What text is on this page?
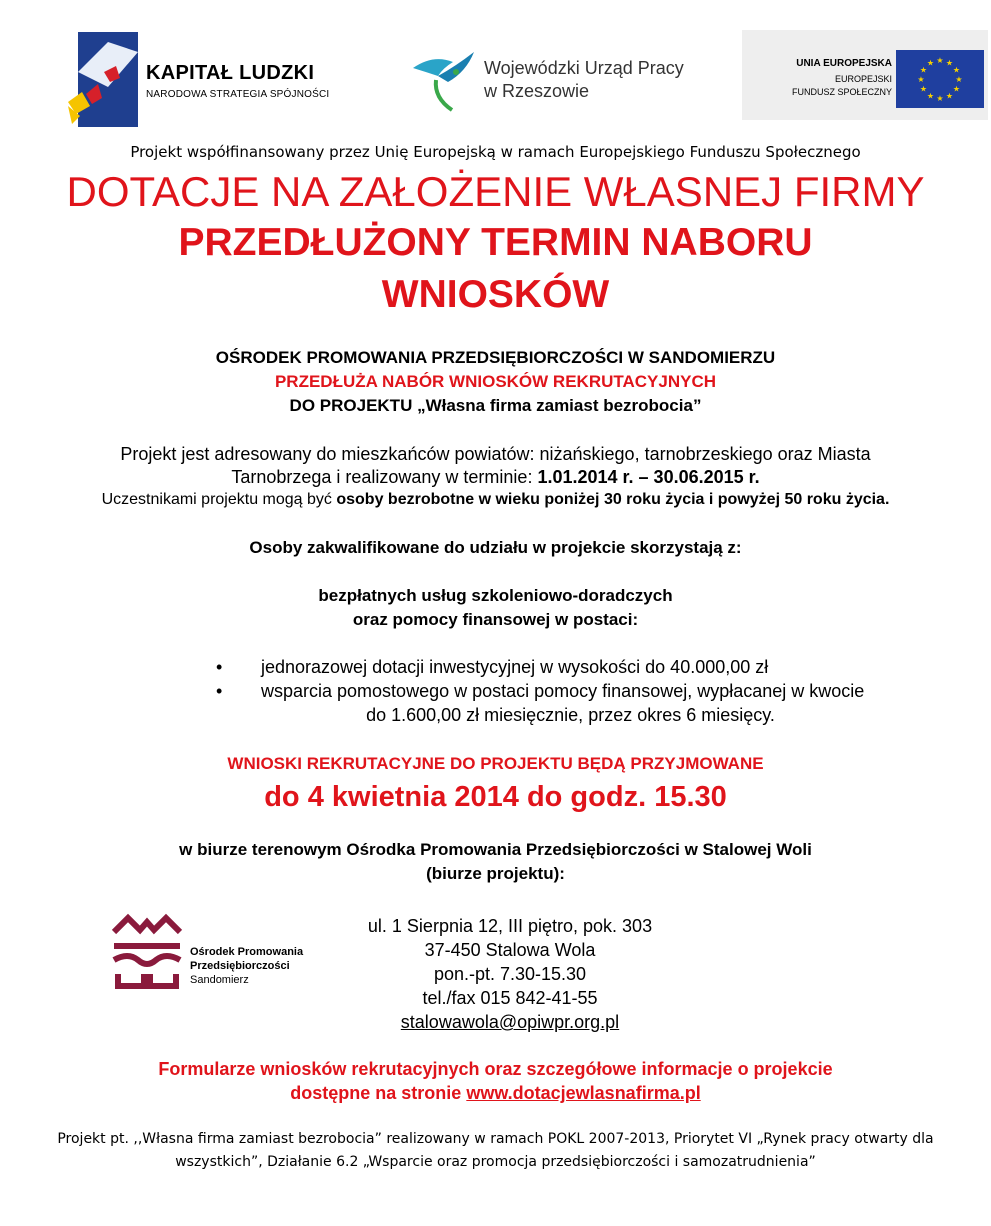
KAPITAŁ LUDZKI
NARODOWA STRATEGIA SPÓJNOŚCI
Wojewódzki Urząd Pracy
w Rzeszowie
UNIA EUROPEJSKA
EUROPEJSKI
FUNDUSZ SPOŁECZNY
★
★
★
★
★
★
★
★
★ ★ ★
★
Projekt współfinansowany przez Unię Europejską w ramach Europejskiego Funduszu Społecznego
DOTACJE NA ZAŁOŻENIE WŁASNEJ FIRMY
PRZEDŁUŻONY TERMIN NABORU
WNIOSKÓW
OŚRODEK PROMOWANIA PRZEDSIĘBIORCZOŚCI W SANDOMIERZU
PRZEDŁUŻA NABÓR WNIOSKÓW REKRUTACYJNYCH
DO PROJEKTU „Własna firma zamiast bezrobocia”
Projekt jest adresowany do mieszkańców powiatów: niżańskiego, tarnobrzeskiego oraz Miasta
Tarnobrzega i realizowany w terminie: 1.01.2014 r. – 30.06.2015 r.
Uczestnikami projektu mogą być osoby bezrobotne w wieku poniżej 30 roku życia i powyżej 50 roku życia.
Osoby zakwalifikowane do udziału w projekcie skorzystają z:
bezpłatnych usług szkoleniowo-doradczych
oraz pomocy finansowej w postaci:
• jednorazowej dotacji inwestycyjnej w wysokości do 40.000,00 zł
• wsparcia pomostowego w postaci pomocy finansowej, wypłacanej w kwocie
do 1.600,00 zł miesięcznie, przez okres 6 miesięcy.
WNIOSKI REKRUTACYJNE DO PROJEKTU BĘDĄ PRZYJMOWANE
do 4 kwietnia 2014 do godz. 15.30
w biurze terenowym Ośrodka Promowania Przedsiębiorczości w Stalowej Woli
(biurze projektu):
Ośrodek Promowania
Przedsiębiorczości
Sandomierz
ul. 1 Sierpnia 12, III piętro, pok. 303
37-450 Stalowa Wola
pon.-pt. 7.30-15.30
tel./fax 015 842-41-55
stalowawola@opiwpr.org.pl
Formularze wniosków rekrutacyjnych oraz szczegółowe informacje o projekcie
dostępne na stronie www.dotacjewlasnafirma.pl
Projekt pt. ,,Własna firma zamiast bezrobocia” realizowany w ramach POKL 2007-2013, Priorytet VI „Rynek pracy otwarty dla
wszystkich”, Działanie 6.2 „Wsparcie oraz promocja przedsiębiorczości i samozatrudnienia”
